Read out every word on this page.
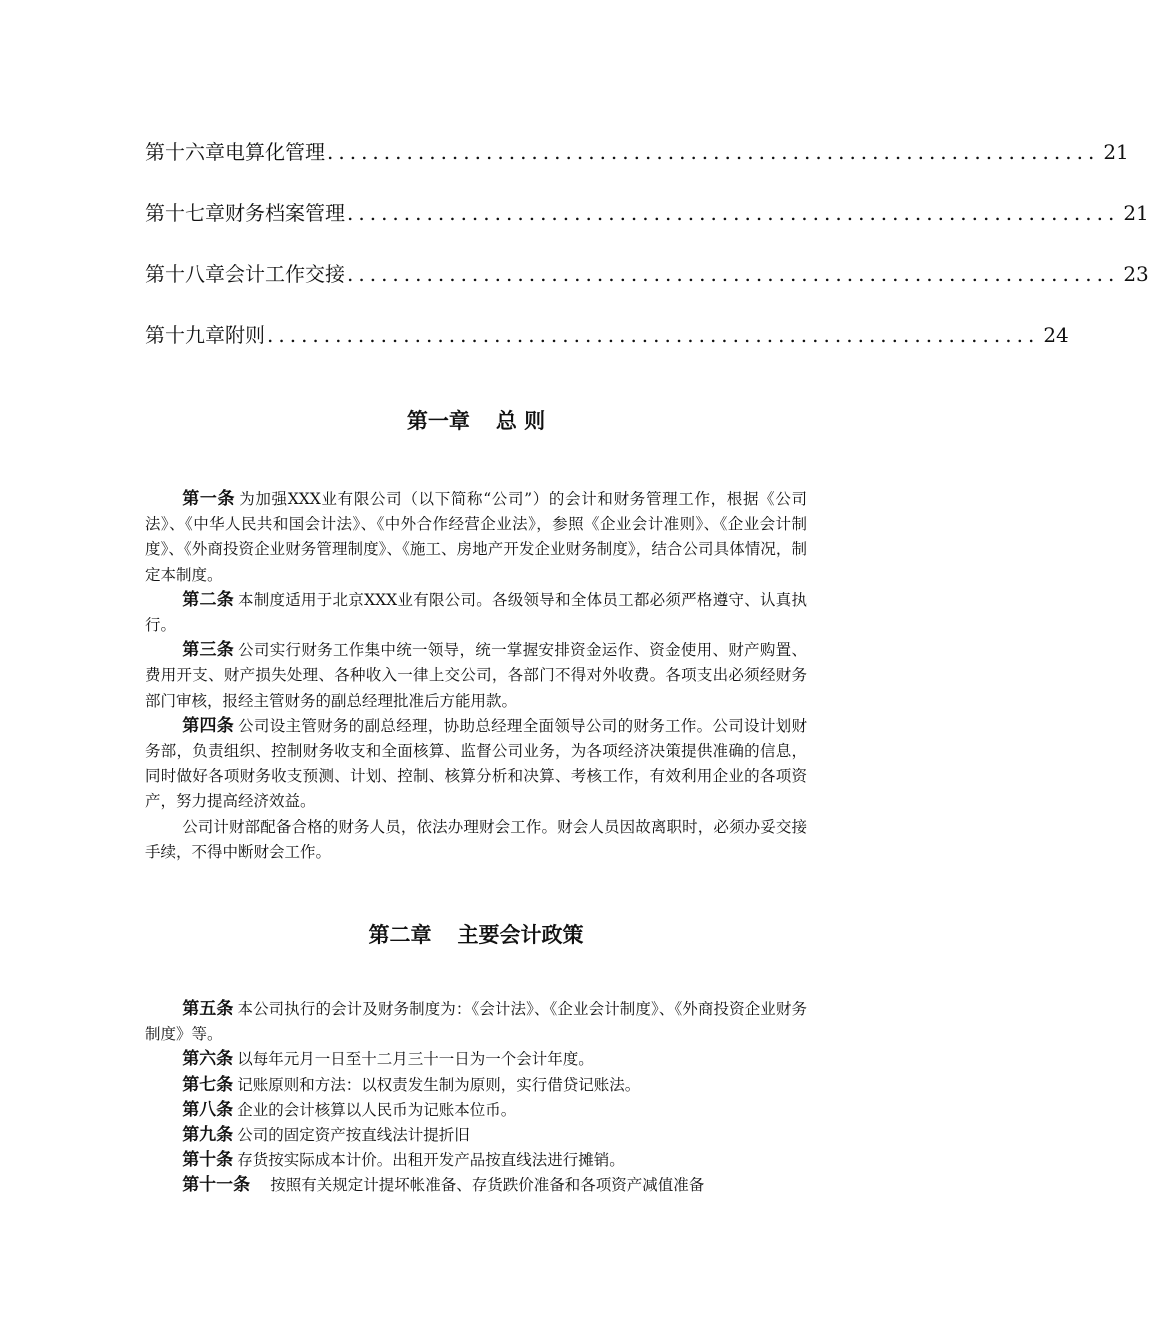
第十六章 电算化管理 .................................................................... 21
第十七章 财务档案管理 .................................................................... 21
第十八章 会计工作交接 .................................................................... 23
第十九章 附则 .................................................................... 24
第一章 总 则

第一条 为加强XXX业有限公司（以下简称“公司”）的会计和财务管理工作，根据《公司法》、《中华人民共和国会计法》、《中外合作经营企业法》，参照《企业会计准则》、《企业会计制度》、《外商投资企业财务管理制度》、《施工、房地产开发企业财务制度》，结合公司具体情况，制定本制度。

第二条 本制度适用于北京XXX业有限公司。各级领导和全体员工都必须严格遵守、认真执行。

第三条 公司实行财务工作集中统一领导，统一掌握安排资金运作、资金使用、财产购置、费用开支、财产损失处理、各种收入一律上交公司，各部门不得对外收费。各项支出必须经财务部门审核，报经主管财务的副总经理批准后方能用款。

第四条 公司设主管财务的副总经理，协助总经理全面领导公司的财务工作。公司设计划财务部，负责组织、控制财务收支和全面核算、监督公司业务，为各项经济决策提供准确的信息，同时做好各项财务收支预测、计划、控制、核算分析和决算、考核工作，有效利用企业的各项资产，努力提高经济效益。

公司计财部配备合格的财务人员，依法办理财会工作。财会人员因故离职时，必须办妥交接手续，不得中断财会工作。

第二章 主要会计政策

第五条 本公司执行的会计及财务制度为：《会计法》、《企业会计制度》、《外商投资企业财务制度》等。

第六条 以每年元月一日至十二月三十一日为一个会计年度。

第七条 记账原则和方法：以权责发生制为原则，实行借贷记账法。

第八条 企业的会计核算以人民币为记账本位币。

第九条 公司的固定资产按直线法计提折旧

第十条 存货按实际成本计价。出租开发产品按直线法进行摊销。

第十一条 按照有关规定计提坏帐准备、存货跌价准备和各项资产减值准备
